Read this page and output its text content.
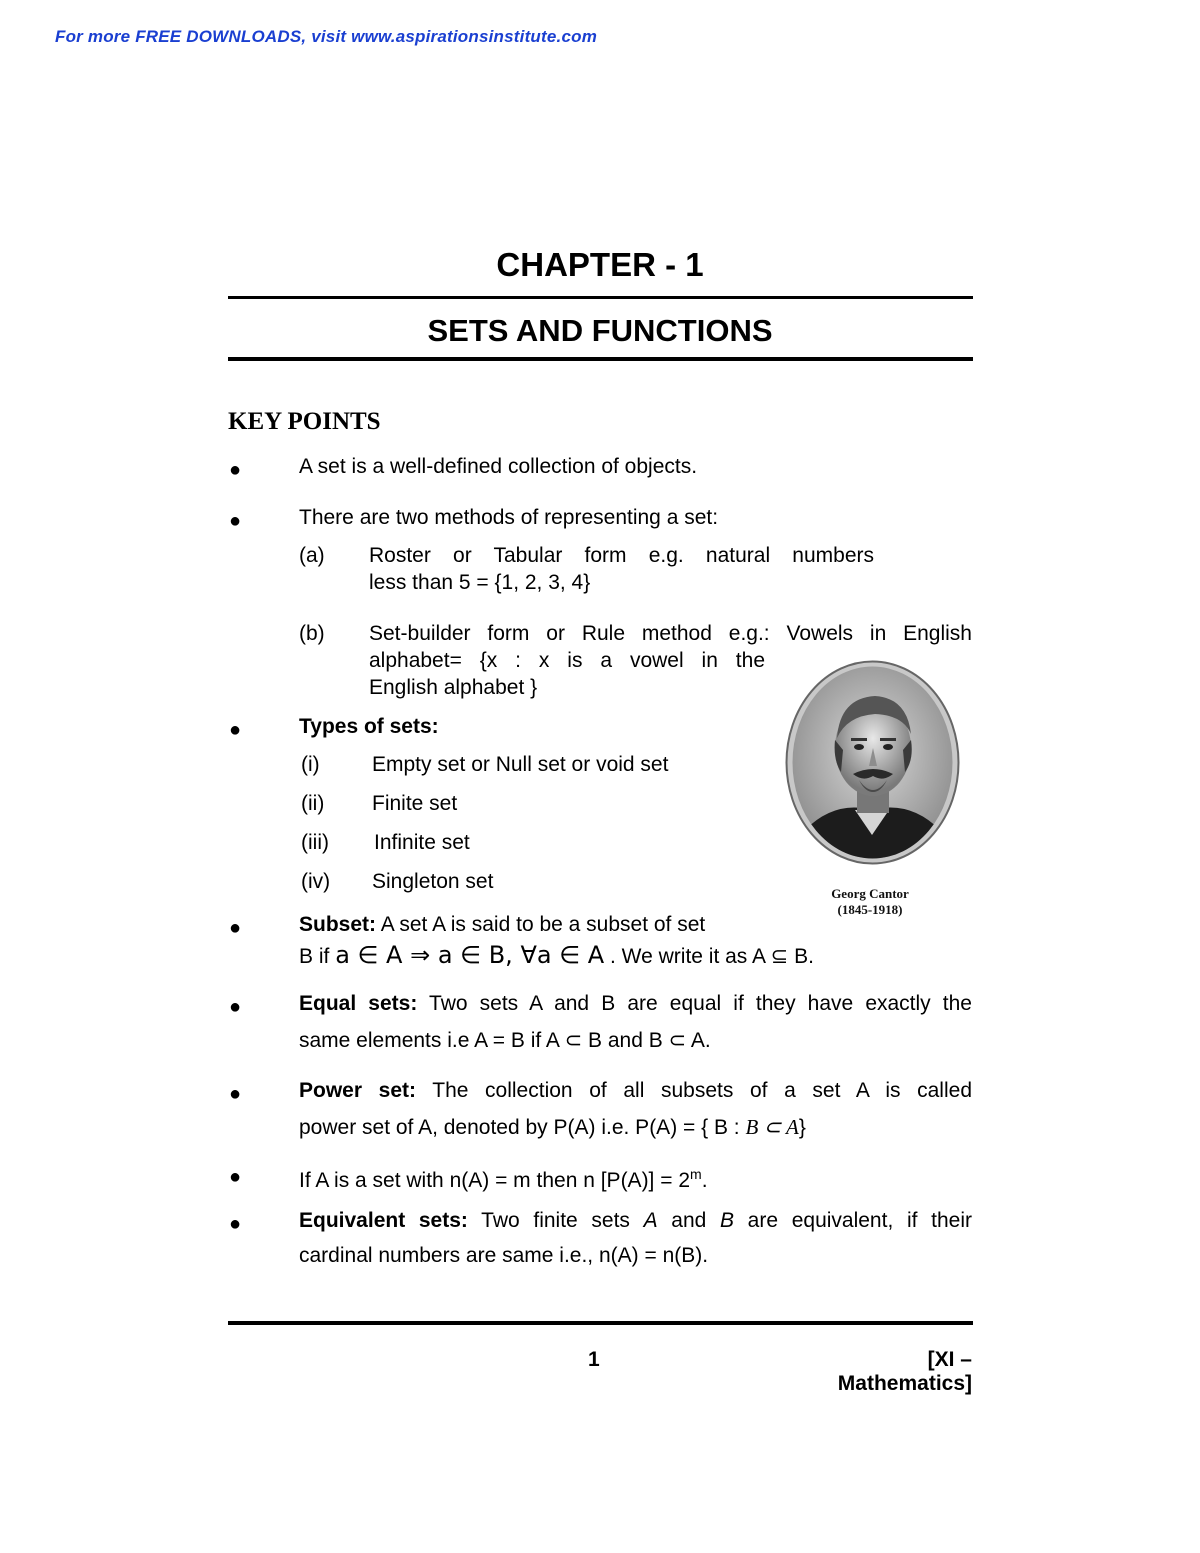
For more FREE DOWNLOADS, visit www.aspirationsinstitute.com
CHAPTER - 1
SETS AND FUNCTIONS
KEY POINTS
●	A set is a well-defined collection of objects.
●	There are two methods of representing a set:
(a) Roster or Tabular form e.g. natural numbers
less than 5 = {1, 2, 3, 4}
(b) Set-builder form or Rule method e.g.: Vowels in English
alphabet= {x : x is a vowel in the
English alphabet }
●	Types of sets:
(i) Empty set or Null set or void set
(ii) Finite set
(iii) Infinite set
(iv) Singleton set
Georg Cantor
(1845-1918)
●	Subset: A set A is said to be a subset of set
B if a ∈ A ⇒ a ∈ B, ∀a ∈ A . We write it as A ⊆ B.
●	Equal sets: Two sets A and B are equal if they have exactly the
same elements i.e A = B if A ⊂ B and B ⊂ A.
●	Power set: The collection of all subsets of a set A is called
power set of A, denoted by P(A) i.e. P(A) = { B : B ⊂ A}
●	If A is a set with n(A) = m then n $[P(A)] = 2^m$.
●	Equivalent sets: Two finite sets A and B are equivalent, if their
cardinal numbers are same i.e., n(A) = n(B).
1	[XI – Mathematics]
